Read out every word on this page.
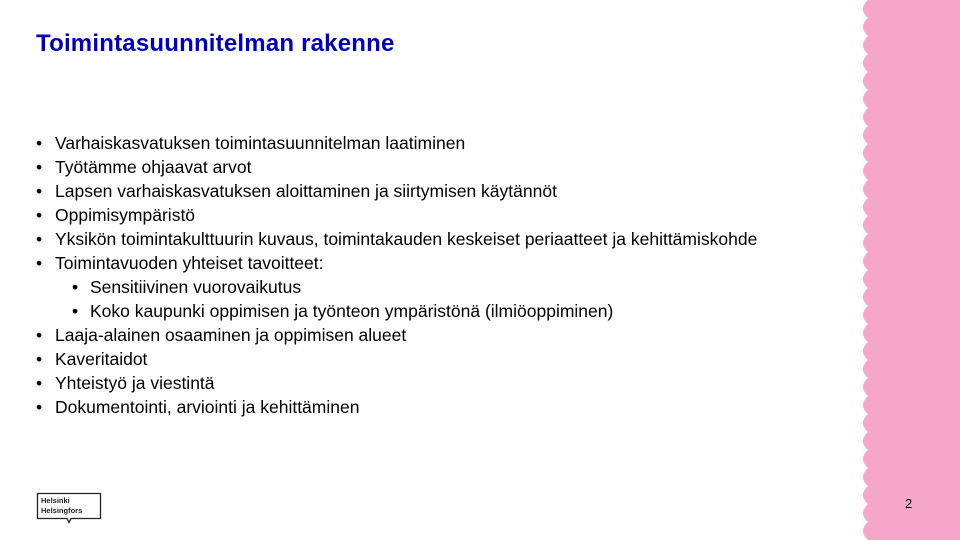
Toimintasuunnitelman rakenne
• Varhaiskasvatuksen toimintasuunnitelman laatiminen
• Työtämme ohjaavat arvot
• Lapsen varhaiskasvatuksen aloittaminen ja siirtymisen käytännöt
• Oppimisympäristö
• Yksikön toimintakulttuurin kuvaus, toimintakauden keskeiset periaatteet ja kehittämiskohde
• Toimintavuoden yhteiset tavoitteet:
• Sensitiivinen vuorovaikutus
• Koko kaupunki oppimisen ja työnteon ympäristönä (ilmiöoppiminen)
• Laaja-alainen osaaminen ja oppimisen alueet
• Kaveritaidot
• Yhteistyö ja viestintä
• Dokumentointi, arviointi ja kehittäminen
Helsinki
Helsingfors	2
